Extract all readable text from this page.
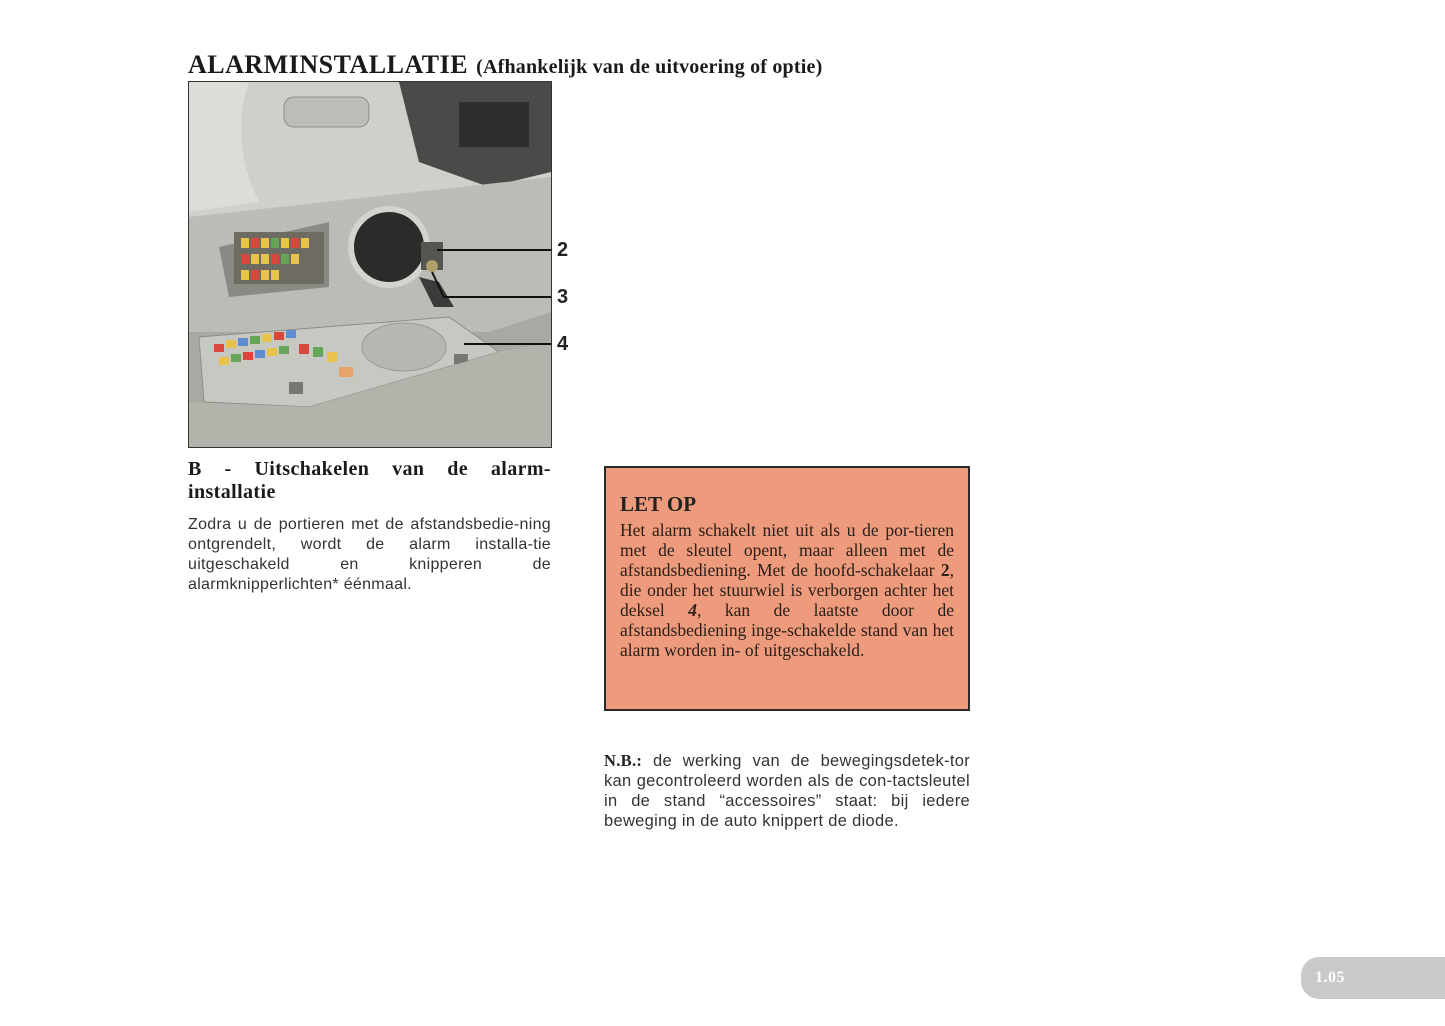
ALARMINSTALLATIE (Afhankelijk van de uitvoering of optie)
2
3
4
B - Uitschakelen van de alarm-installatie

Zodra u de portieren met de afstandsbedie-ning ontgrendelt, wordt de alarm installa-tie uitgeschakeld en knipperen de alarmknipperlichten* éénmaal.

LET OP

Het alarm schakelt niet uit als u de por-tieren met de sleutel opent, maar alleen met de afstandsbediening. Met de hoofd-schakelaar 2, die onder het stuurwiel is verborgen achter het deksel 4, kan de laatste door de afstandsbediening inge-schakelde stand van het alarm worden in- of uitgeschakeld.

N.B.: de werking van de bewegingsdetek-tor kan gecontroleerd worden als de con-tactsleutel in de stand “accessoires” staat: bij iedere beweging in de auto knippert de diode.

1.05
